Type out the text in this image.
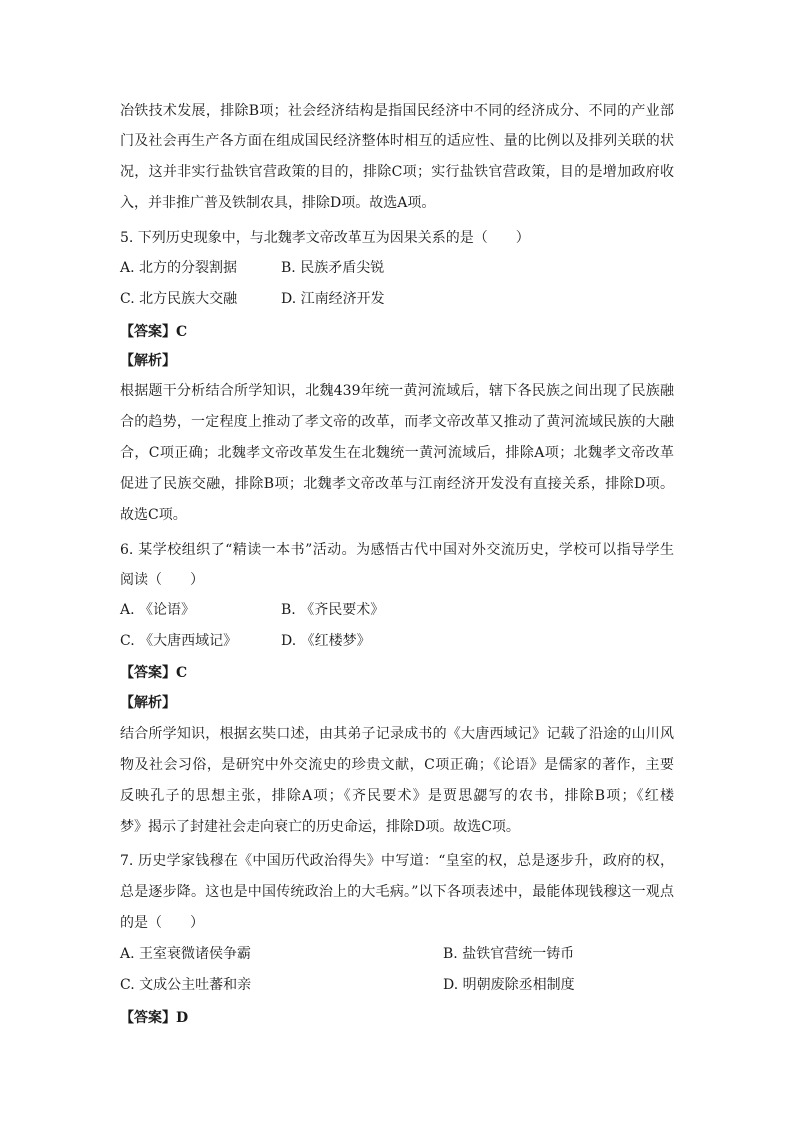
冶铁技术发展，排除B项；社会经济结构是指国民经济中不同的经济成分、不同的产业部
门及社会再生产各方面在组成国民经济整体时相互的适应性、量的比例以及排列关联的状
况，这并非实行盐铁官营政策的目的，排除C项；实行盐铁官营政策，目的是增加政府收
入，并非推广普及铁制农具，排除D项。故选A项。
5. 下列历史现象中，与北魏孝文帝改革互为因果关系的是（　　）
A. 北方的分裂割据	B. 民族矛盾尖锐
C. 北方民族大交融	D. 江南经济开发
【答案】C
【解析】
根据题干分析结合所学知识，北魏439年统一黄河流域后，辖下各民族之间出现了民族融
合的趋势，一定程度上推动了孝文帝的改革，而孝文帝改革又推动了黄河流域民族的大融
合，C项正确；北魏孝文帝改革发生在北魏统一黄河流域后，排除A项；北魏孝文帝改革
促进了民族交融，排除B项；北魏孝文帝改革与江南经济开发没有直接关系，排除D项。
故选C项。
6. 某学校组织了“精读一本书”活动。为感悟古代中国对外交流历史，学校可以指导学生
阅读（　　）
A. 《论语》	B. 《齐民要术》
C. 《大唐西域记》	D. 《红楼梦》
【答案】C
【解析】
结合所学知识，根据玄奘口述，由其弟子记录成书的《大唐西域记》记载了沿途的山川风
物及社会习俗，是研究中外交流史的珍贵文献，C项正确；《论语》是儒家的著作，主要
反映孔子的思想主张，排除A项；《齐民要术》是贾思勰写的农书，排除B项；《红楼
梦》揭示了封建社会走向衰亡的历史命运，排除D项。故选C项。
7. 历史学家钱穆在《中国历代政治得失》中写道：“皇室的权，总是逐步升，政府的权，
总是逐步降。这也是中国传统政治上的大毛病。”以下各项表述中，最能体现钱穆这一观点
的是（　　）
A. 王室衰微诸侯争霸	B. 盐铁官营统一铸币
C. 文成公主吐蕃和亲	D. 明朝废除丞相制度
【答案】D
